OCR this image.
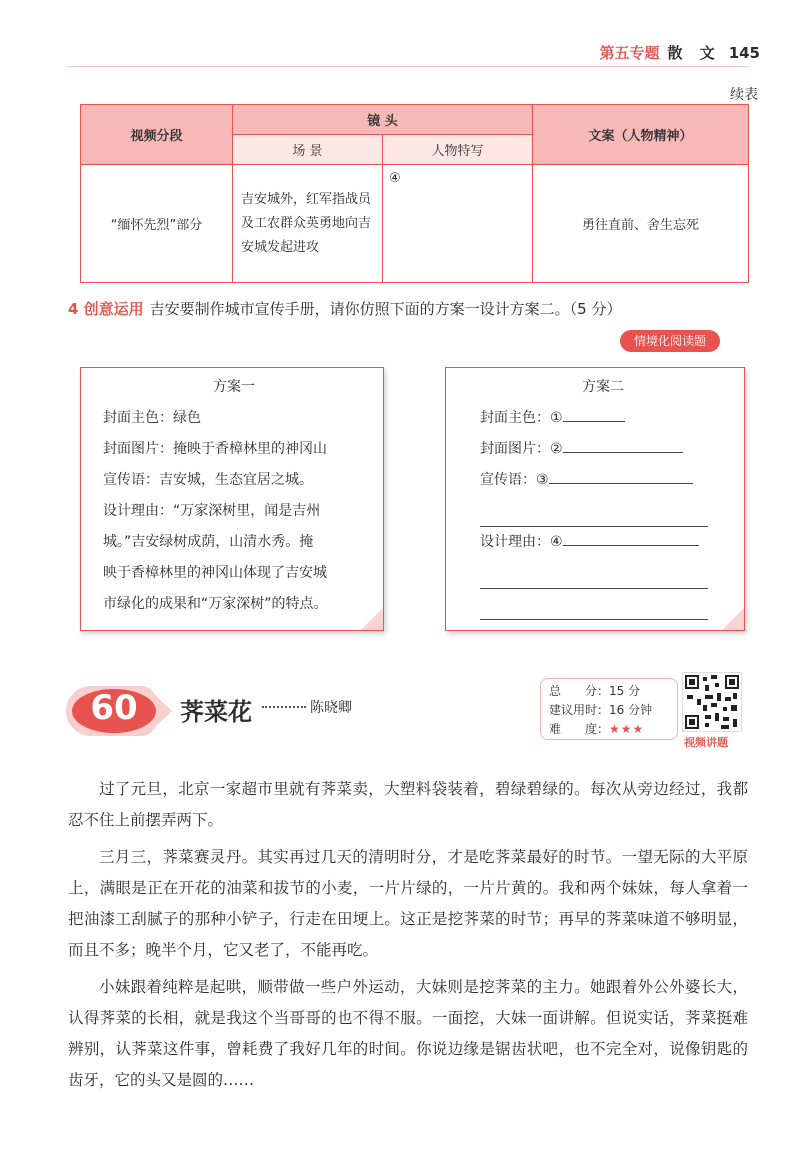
第五专题 散 文 145
续表
视频分段	镜 头		文案（人物精神）
	场 景	人物特写	
“缅怀先烈”部分	吉安城外，红军指战员及工农群众英勇地向吉安城发起进攻	④	勇往直前、舍生忘死
4 创意运用 吉安要制作城市宣传手册，请你仿照下面的方案一设计方案二。（5 分）
情境化阅读题
方案一
封面主色：绿色
封面图片：掩映于香樟林里的神冈山
宣传语：吉安城，生态宜居之城。
设计理由：“万家深树里，闻是吉州
城。”吉安绿树成荫，山清水秀。掩
映于香樟林里的神冈山体现了吉安城
市绿化的成果和“万家深树”的特点。
方案二
封面主色：①
封面图片：②
宣传语：③
设计理由：④
60	荠菜花	陈晓卿
总　　分：15 分
建议用时：16 分钟
难　　度：★★★
视频讲题

过了元旦，北京一家超市里就有荠菜卖，大塑料袋装着，碧绿碧绿的。每次从旁边经过，我都忍不住上前摆弄两下。

三月三，荠菜赛灵丹。其实再过几天的清明时分，才是吃荠菜最好的时节。一望无际的大平原上，满眼是正在开花的油菜和拔节的小麦，一片片绿的，一片片黄的。我和两个妹妹，每人拿着一把油漆工刮腻子的那种小铲子，行走在田埂上。这正是挖荠菜的时节；再早的荠菜味道不够明显，而且不多；晚半个月，它又老了，不能再吃。

小妹跟着纯粹是起哄，顺带做一些户外运动，大妹则是挖荠菜的主力。她跟着外公外婆长大，认得荠菜的长相，就是我这个当哥哥的也不得不服。一面挖，大妹一面讲解。但说实话，荠菜挺难辨别，认荠菜这件事，曾耗费了我好几年的时间。你说边缘是锯齿状吧，也不完全对，说像钥匙的齿牙，它的头又是圆的……
